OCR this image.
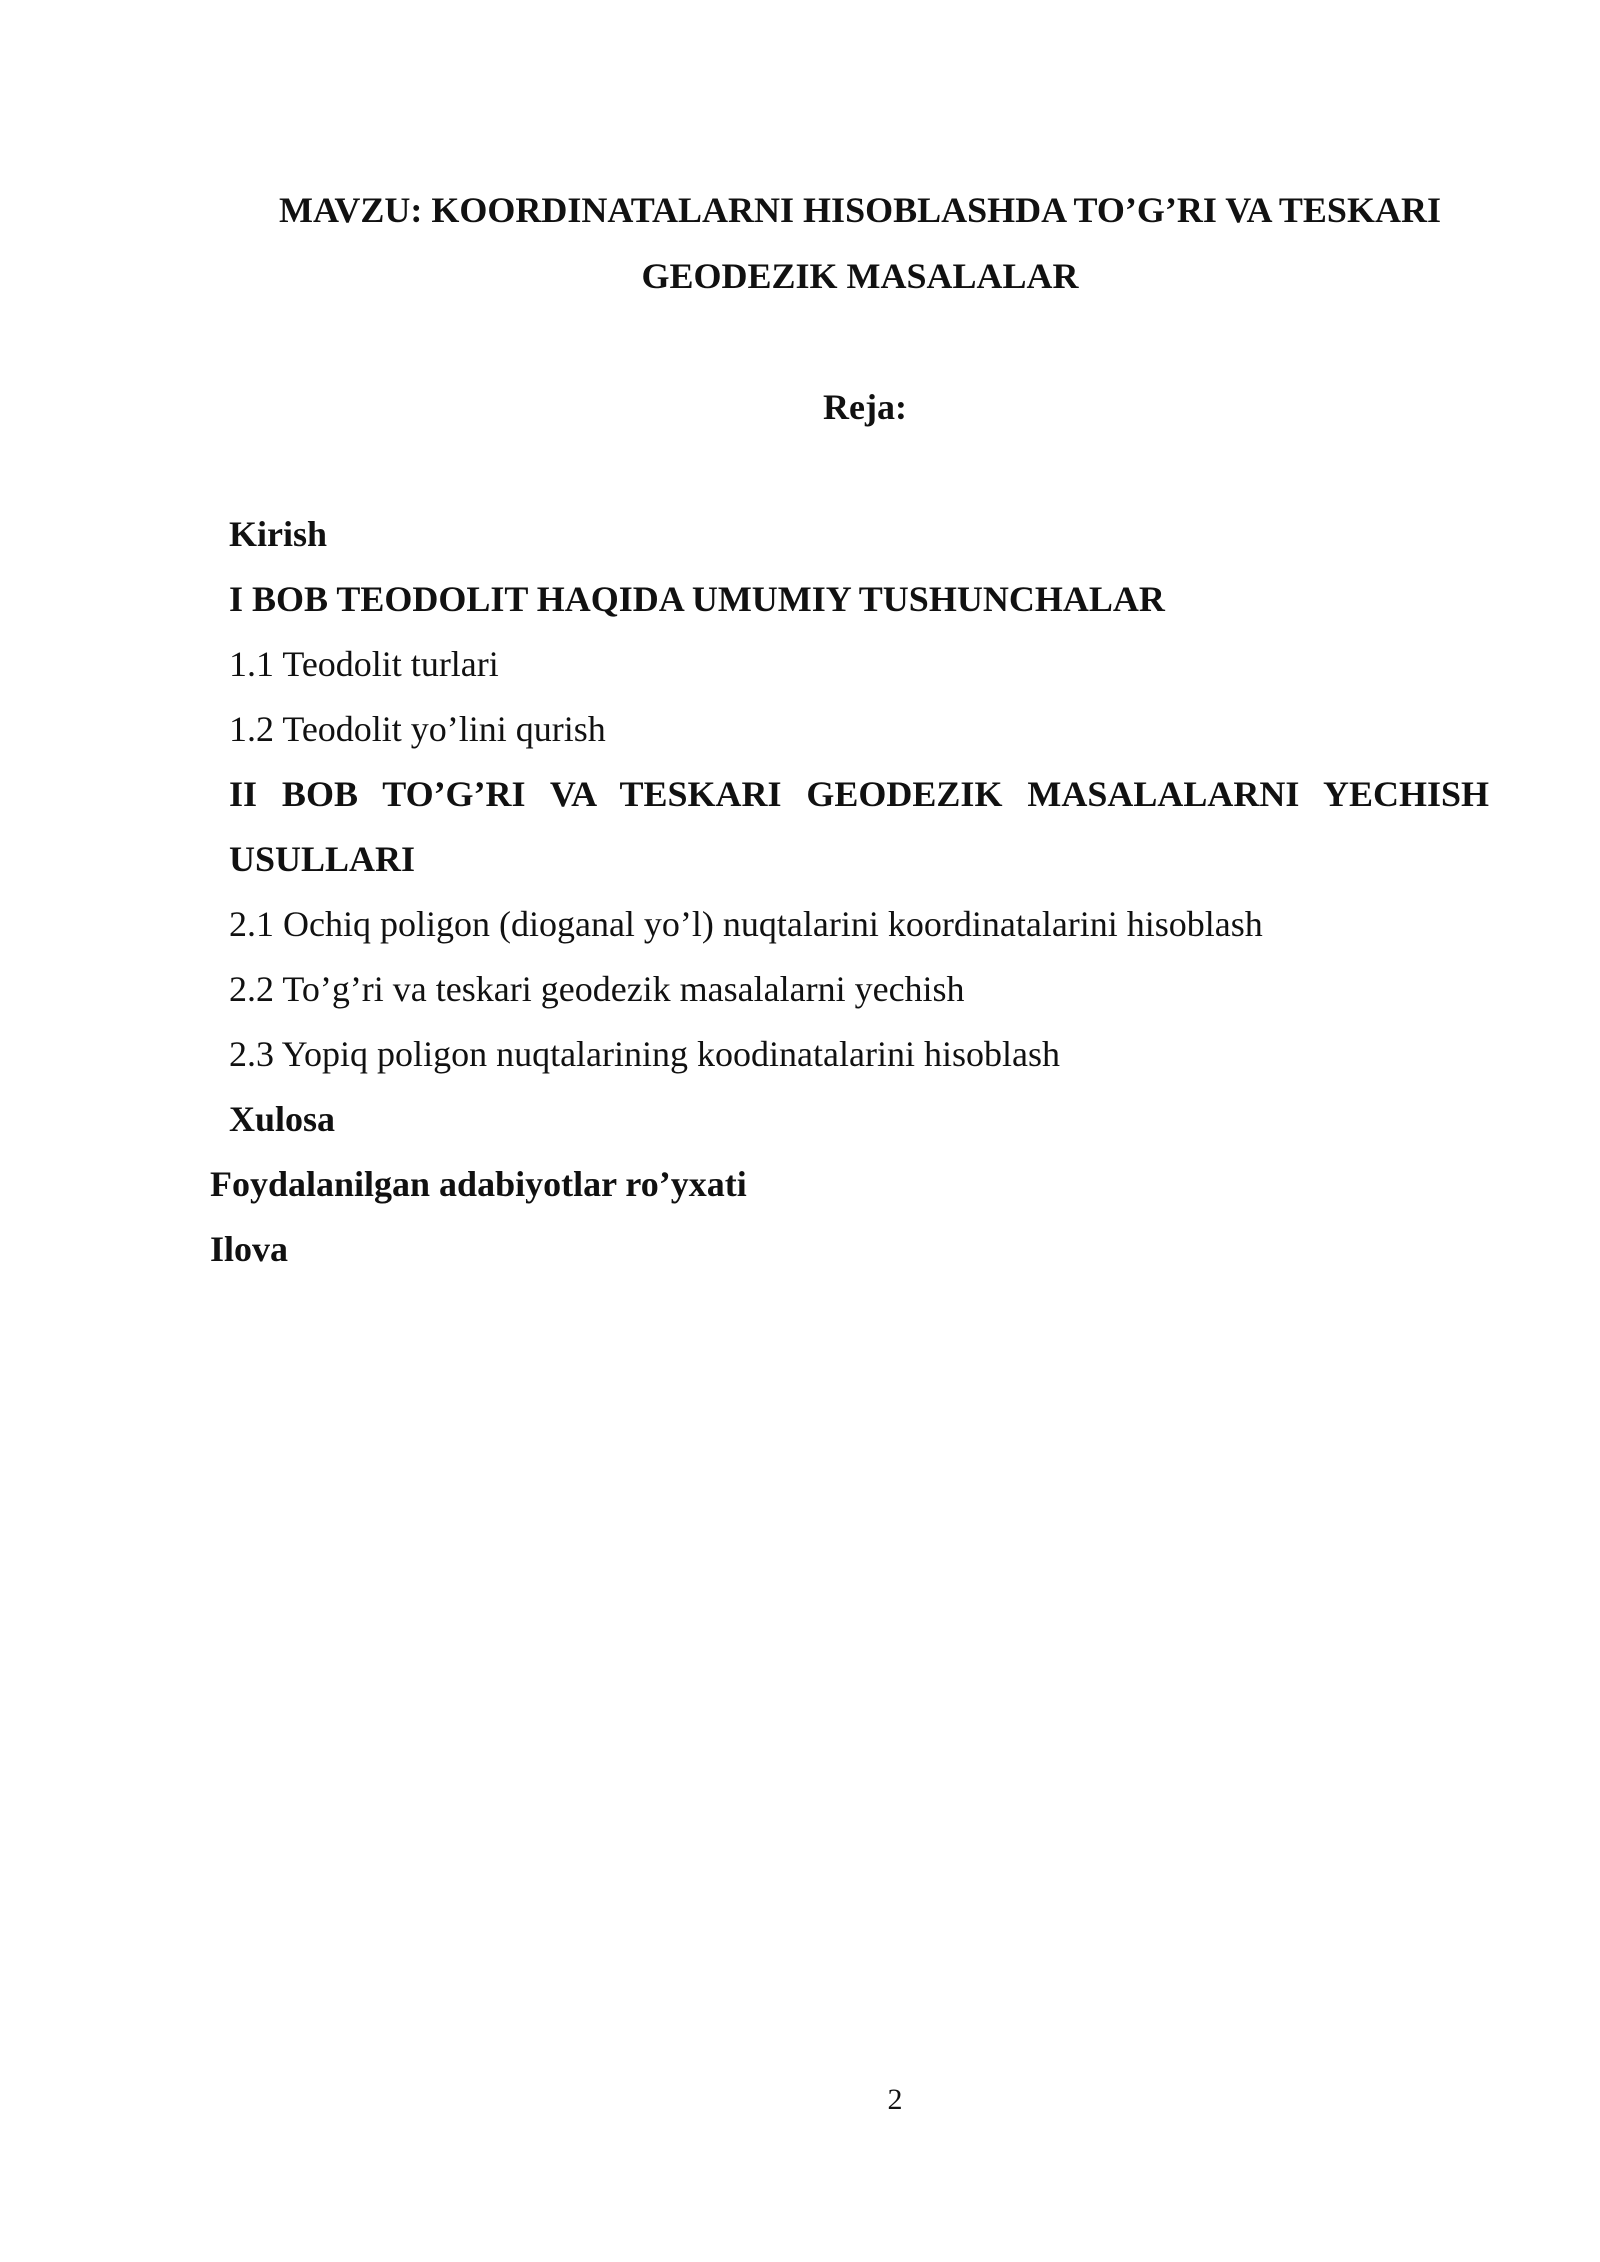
MAVZU: KOORDINATALARNI HISOBLASHDA TO’G’RI VA TESKARI
GEODEZIK MASALALAR
Reja:
Kirish
I BOB TEODOLIT HAQIDA UMUMIY TUSHUNCHALAR
1.1 Teodolit turlari
1.2 Teodolit yo’lini qurish
II BOB TO’G’RI VA TESKARI GEODEZIK MASALALARNI YECHISH
USULLARI
2.1 Ochiq poligon (dioganal yo’l) nuqtalarini koordinatalarini hisoblash
2.2 To’g’ri va teskari geodezik masalalarni yechish
2.3 Yopiq poligon nuqtalarining koodinatalarini hisoblash
Xulosa
Foydalanilgan adabiyotlar ro’yxati
Ilova
2
